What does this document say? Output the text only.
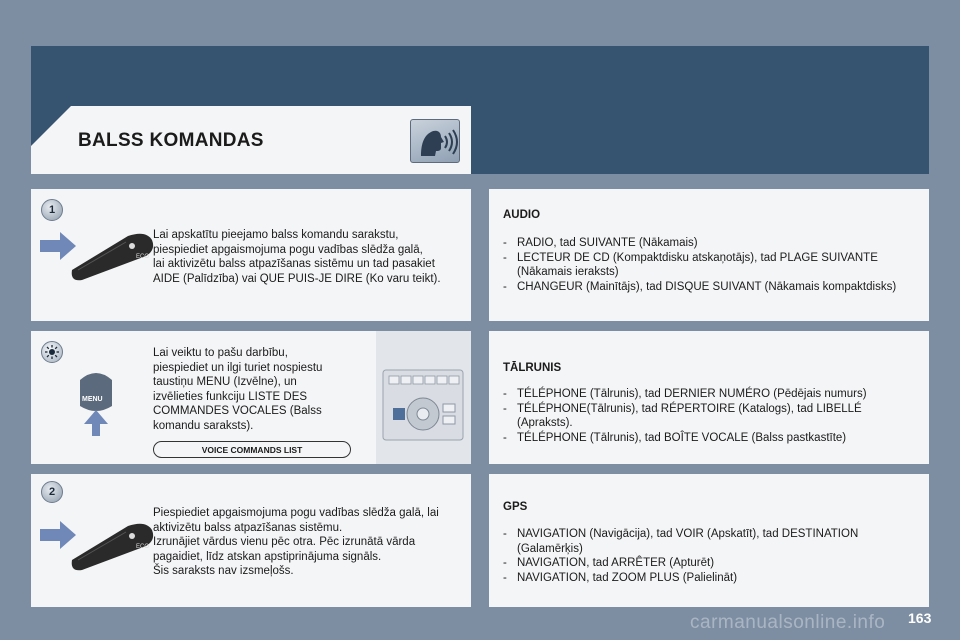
BALSS KOMANDAS
1
ECO
Lai apskatītu pieejamo balss komandu sarakstu,
piespiediet apgaismojuma pogu vadības slēdža galā,
lai aktivizētu balss atpazīšanas sistēmu un tad pasakiet
AIDE (Palīdzība) vai QUE PUIS-JE DIRE (Ko varu teikt).
MENU
Lai veiktu to pašu darbību,
piespiediet un ilgi turiet nospiestu
taustiņu MENU (Izvēlne), un
izvēlieties funkciju LISTE DES
COMMANDES VOCALES (Balss
komandu saraksts).
VOICE COMMANDS LIST
2
ECO
Piespiediet apgaismojuma pogu vadības slēdža galā, lai
aktivizētu balss atpazīšanas sistēmu.
Izrunājiet vārdus vienu pēc otra. Pēc izrunātā vārda
pagaidiet, līdz atskan apstiprinājuma signāls.
Šis saraksts nav izsmeļošs.
AUDIO
- RADIO, tad SUIVANTE (Nākamais)
- LECTEUR DE CD (Kompaktdisku atskaņotājs), tad PLAGE SUIVANTE (Nākamais ieraksts)
- CHANGEUR (Mainītājs), tad DISQUE SUIVANT (Nākamais kompaktdisks)
TĀLRUNIS
- TÉLÉPHONE (Tālrunis), tad DERNIER NUMÉRO (Pēdējais numurs)
- TÉLÉPHONE(Tālrunis), tad RÉPERTOIRE (Katalogs), tad LIBELLÉ (Apraksts).
- TÉLÉPHONE (Tālrunis), tad BOÎTE VOCALE (Balss pastkastīte)
GPS
- NAVIGATION (Navigācija), tad VOIR (Apskatīt), tad DESTINATION (Galamērķis)
- NAVIGATION, tad ARRÊTER (Apturēt)
- NAVIGATION, tad ZOOM PLUS (Palielināt)
carmanualsonline.info 163
